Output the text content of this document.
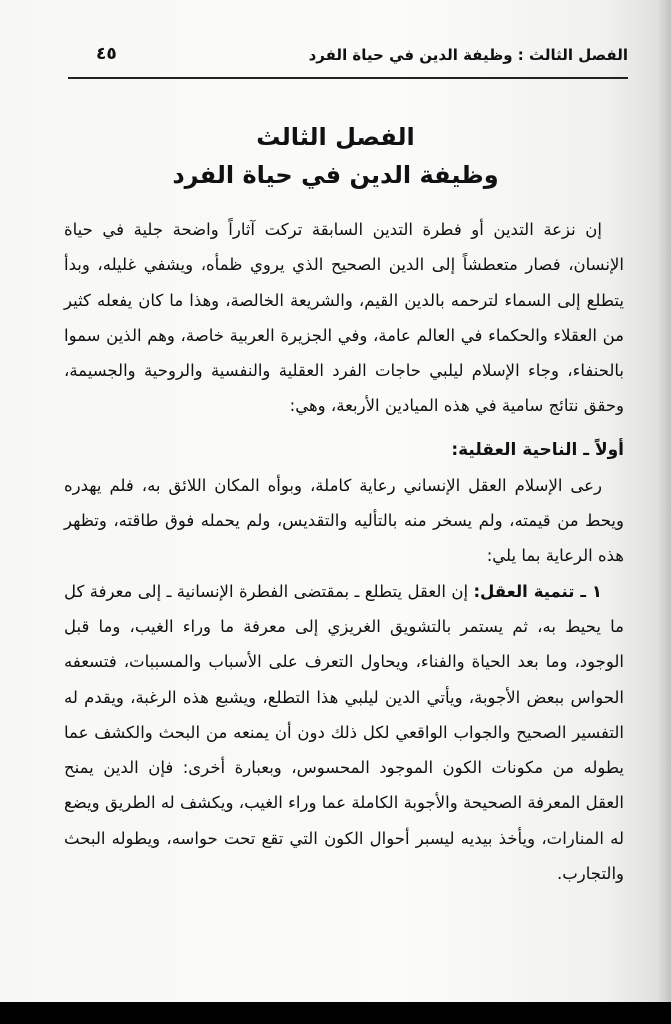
الفصل الثالث : وظيفة الدين في حياة الفرد
٤٥
الفصل الثالث
وظيفة الدين في حياة الفرد

إن نزعة التدين أو فطرة التدين السابقة تركت آثاراً واضحة جلية في حياة الإنسان، فصار متعطشاً إلى الدين الصحيح الذي يروي ظمأه، ويشفي غليله، وبدأ يتطلع إلى السماء لترحمه بالدين القيم، والشريعة الخالصة، وهذا ما كان يفعله كثير من العقلاء والحكماء في العالم عامة، وفي الجزيرة العربية خاصة، وهم الذين سموا بالحنفاء، وجاء الإسلام ليلبي حاجات الفرد العقلية والنفسية والروحية والجسيمة، وحقق نتائج سامية في هذه الميادين الأربعة، وهي:

أولاً ـ الناحية العقلية:

رعى الإسلام العقل الإنساني رعاية كاملة، وبوأه المكان اللائق به، فلم يهدره ويحط من قيمته، ولم يسخر منه بالتأليه والتقديس، ولم يحمله فوق طاقته، وتظهر هذه الرعاية بما يلي:

١ ـ تنمية العقل: إن العقل يتطلع ـ بمقتضى الفطرة الإنسانية ـ إلى معرفة كل ما يحيط به، ثم يستمر بالتشويق الغريزي إلى معرفة ما وراء الغيب، وما قبل الوجود، وما بعد الحياة والفناء، ويحاول التعرف على الأسباب والمسببات، فتسعفه الحواس ببعض الأجوبة، ويأتي الدين ليلبي هذا التطلع، ويشبع هذه الرغبة، ويقدم له التفسير الصحيح والجواب الواقعي لكل ذلك دون أن يمنعه من البحث والكشف عما يطوله من مكونات الكون الموجود المحسوس، وبعبارة أخرى: فإن الدين يمنح العقل المعرفة الصحيحة والأجوبة الكاملة عما وراء الغيب، ويكشف له الطريق ويضع له المنارات، ويأخذ بيديه ليسبر أحوال الكون التي تقع تحت حواسه، ويطوله البحث والتجارب.
